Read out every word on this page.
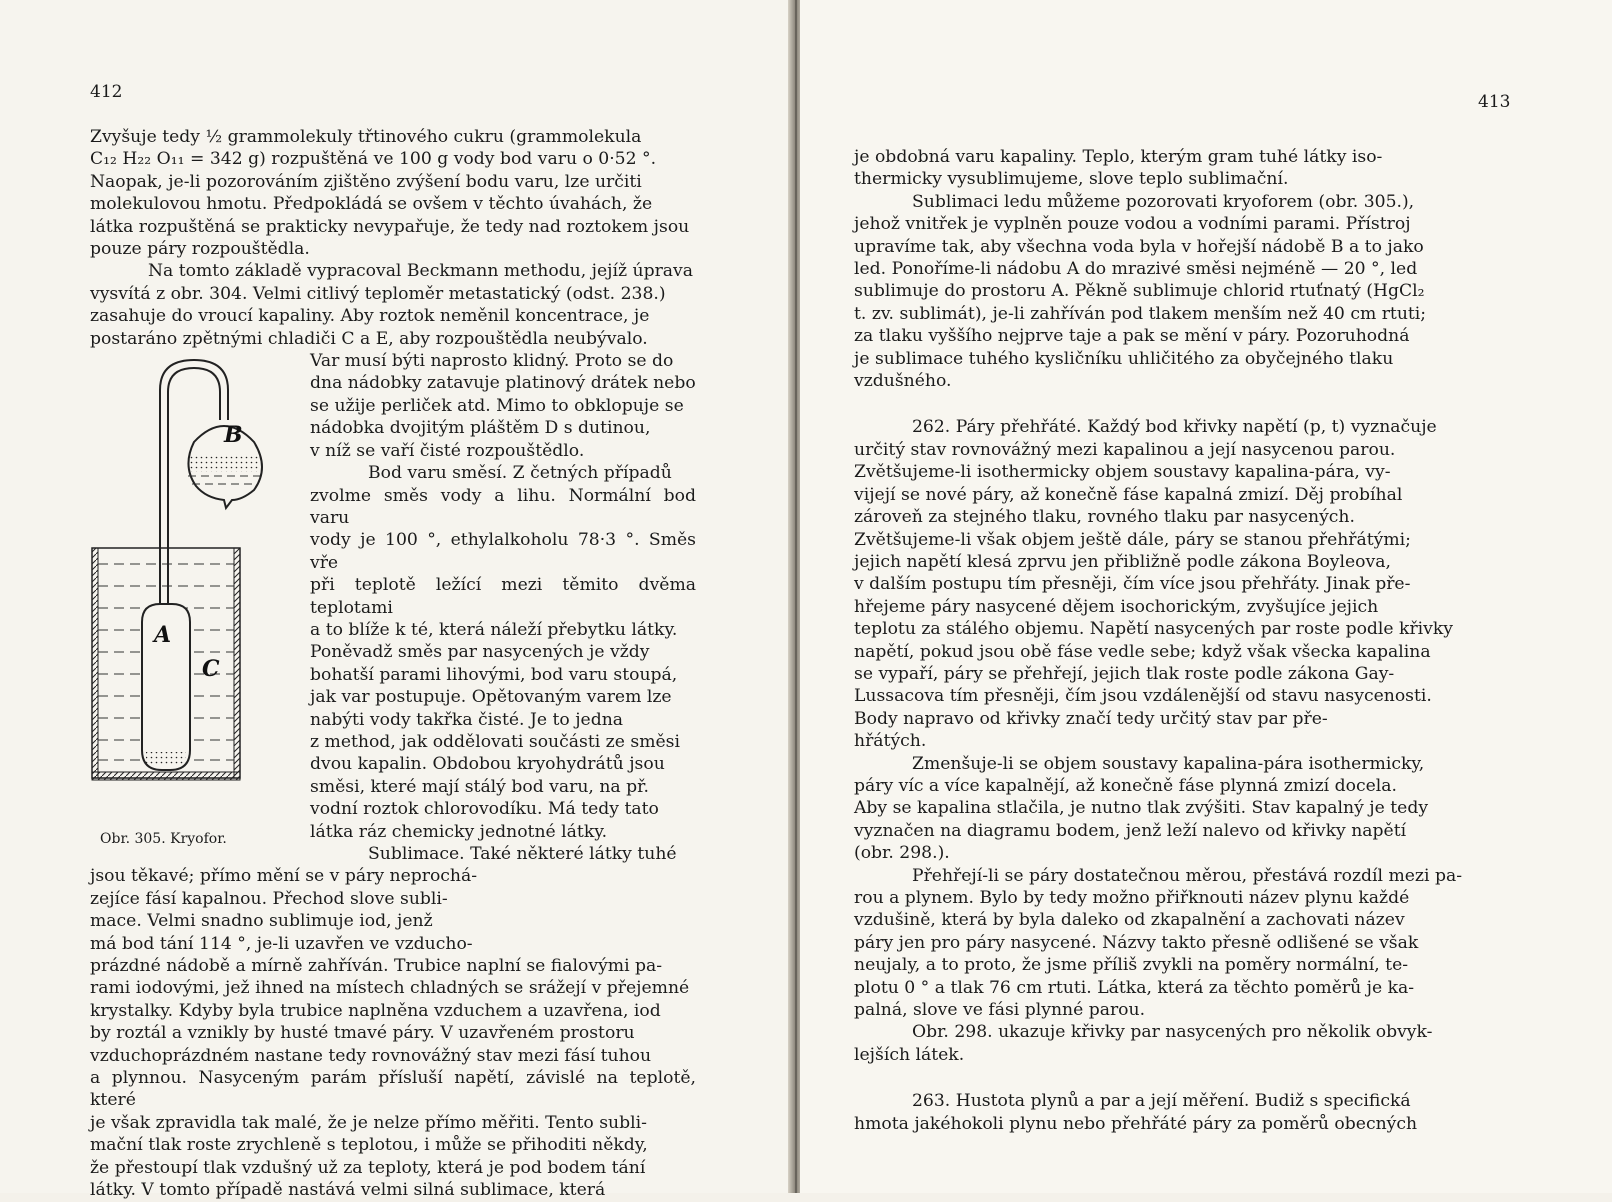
412

Zvyšuje tedy ½ grammolekuly třtinového cukru (grammolekula

C₁₂ H₂₂ O₁₁ = 342 g) rozpuštěná ve 100 g vody bod varu o 0·52 °.

Naopak, je-li pozorováním zjištěno zvýšení bodu varu, lze určiti

molekulovou hmotu. Předpokládá se ovšem v těchto úvahách, že

látka rozpuštěná se prakticky nevypařuje, že tedy nad roztokem jsou

pouze páry rozpouštědla.

Na tomto základě vypracoval Beckmann methodu, jejíž úprava

vysvítá z obr. 304. Velmi citlivý teploměr metastatický (odst. 238.)

zasahuje do vroucí kapaliny. Aby roztok neměnil koncentrace, je

postaráno zpětnými chladiči C a E, aby rozpouštědla neubývalo.

B
A
C
Obr. 305. Kryofor.

Var musí býti naprosto klidný. Proto se do

dna nádobky zatavuje platinový drátek nebo

se užije perliček atd. Mimo to obklopuje se

nádobka dvojitým pláštěm D s dutinou,

v níž se vaří čisté rozpouštědlo.

Bod varu směsí. Z četných případů

zvolme směs vody a lihu. Normální bod varu

vody je 100 °, ethylalkoholu 78·3 °. Směs vře

při teplotě ležící mezi těmito dvěma teplotami

a to blíže k té, která náleží přebytku látky.

Poněvadž směs par nasycených je vždy

bohatší parami lihovými, bod varu stoupá,

jak var postupuje. Opětovaným varem lze

nabýti vody takřka čisté. Je to jedna

z method, jak oddělovati součásti ze směsi

dvou kapalin. Obdobou kryohydrátů jsou

směsi, které mají stálý bod varu, na př.

vodní roztok chlorovodíku. Má tedy tato

látka ráz chemicky jednotné látky.

Sublimace. Také některé látky tuhé

jsou těkavé; přímo mění se v páry neprochá-

zejíce fásí kapalnou. Přechod slove subli-

mace. Velmi snadno sublimuje iod, jenž

má bod tání 114 °, je-li uzavřen ve vzducho-

prázdné nádobě a mírně zahříván. Trubice naplní se fialovými pa-

rami iodovými, jež ihned na místech chladných se srážejí v přejemné

krystalky. Kdyby byla trubice naplněna vzduchem a uzavřena, iod

by roztál a vznikly by husté tmavé páry. V uzavřeném prostoru

vzduchoprázdném nastane tedy rovnovážný stav mezi fásí tuhou

a plynnou. Nasyceným parám přísluší napětí, závislé na teplotě, které

je však zpravidla tak malé, že je nelze přímo měřiti. Tento subli-

mační tlak roste zrychleně s teplotou, i může se přihoditi někdy,

že přestoupí tlak vzdušný už za teploty, která je pod bodem tání

látky. V tomto případě nastává velmi silná sublimace, která

413

je obdobná varu kapaliny. Teplo, kterým gram tuhé látky iso-

thermicky vysublimujeme, slove teplo sublimační.

Sublimaci ledu můžeme pozorovati kryoforem (obr. 305.),

jehož vnitřek je vyplněn pouze vodou a vodními parami. Přístroj

upravíme tak, aby všechna voda byla v hořejší nádobě B a to jako

led. Ponoříme-li nádobu A do mrazivé směsi nejméně — 20 °, led

sublimuje do prostoru A. Pěkně sublimuje chlorid rtuťnatý (HgCl₂

t. zv. sublimát), je-li zahříván pod tlakem menším než 40 cm rtuti;

za tlaku vyššího nejprve taje a pak se mění v páry. Pozoruhodná

je sublimace tuhého kysličníku uhličitého za obyčejného tlaku

vzdušného.

262. Páry přehřáté. Každý bod křivky napětí (p, t) vyznačuje

určitý stav rovnovážný mezi kapalinou a její nasycenou parou.

Zvětšujeme-li isothermicky objem soustavy kapalina-pára, vy-

vijejí se nové páry, až konečně fáse kapalná zmizí. Děj probíhal

zároveň za stejného tlaku, rovného tlaku par nasycených.

Zvětšujeme-li však objem ještě dále, páry se stanou přehřátými;

jejich napětí klesá zprvu jen přibližně podle zákona Boyleova,

v dalším postupu tím přesněji, čím více jsou přehřáty. Jinak pře-

hřejeme páry nasycené dějem isochorickým, zvyšujíce jejich

teplotu za stálého objemu. Napětí nasycených par roste podle křivky

napětí, pokud jsou obě fáse vedle sebe; když však všecka kapalina

se vypaří, páry se přehřejí, jejich tlak roste podle zákona Gay-

Lussacova tím přesněji, čím jsou vzdálenější od stavu nasycenosti.

Body napravo od křivky značí tedy určitý stav par pře-

hřátých.

Zmenšuje-li se objem soustavy kapalina-pára isothermicky,

páry víc a více kapalnějí, až konečně fáse plynná zmizí docela.

Aby se kapalina stlačila, je nutno tlak zvýšiti. Stav kapalný je tedy

vyznačen na diagramu bodem, jenž leží nalevo od křivky napětí

(obr. 298.).

Přehřejí-li se páry dostatečnou měrou, přestává rozdíl mezi pa-

rou a plynem. Bylo by tedy možno přiřknouti název plynu každé

vzdušině, která by byla daleko od zkapalnění a zachovati název

páry jen pro páry nasycené. Názvy takto přesně odlišené se však

neujaly, a to proto, že jsme příliš zvykli na poměry normální, te-

plotu 0 ° a tlak 76 cm rtuti. Látka, která za těchto poměrů je ka-

palná, slove ve fási plynné parou.

Obr. 298. ukazuje křivky par nasycených pro několik obvyk-

lejších látek.

263. Hustota plynů a par a její měření. Budiž s specifická

hmota jakéhokoli plynu nebo přehřáté páry za poměrů obecných
